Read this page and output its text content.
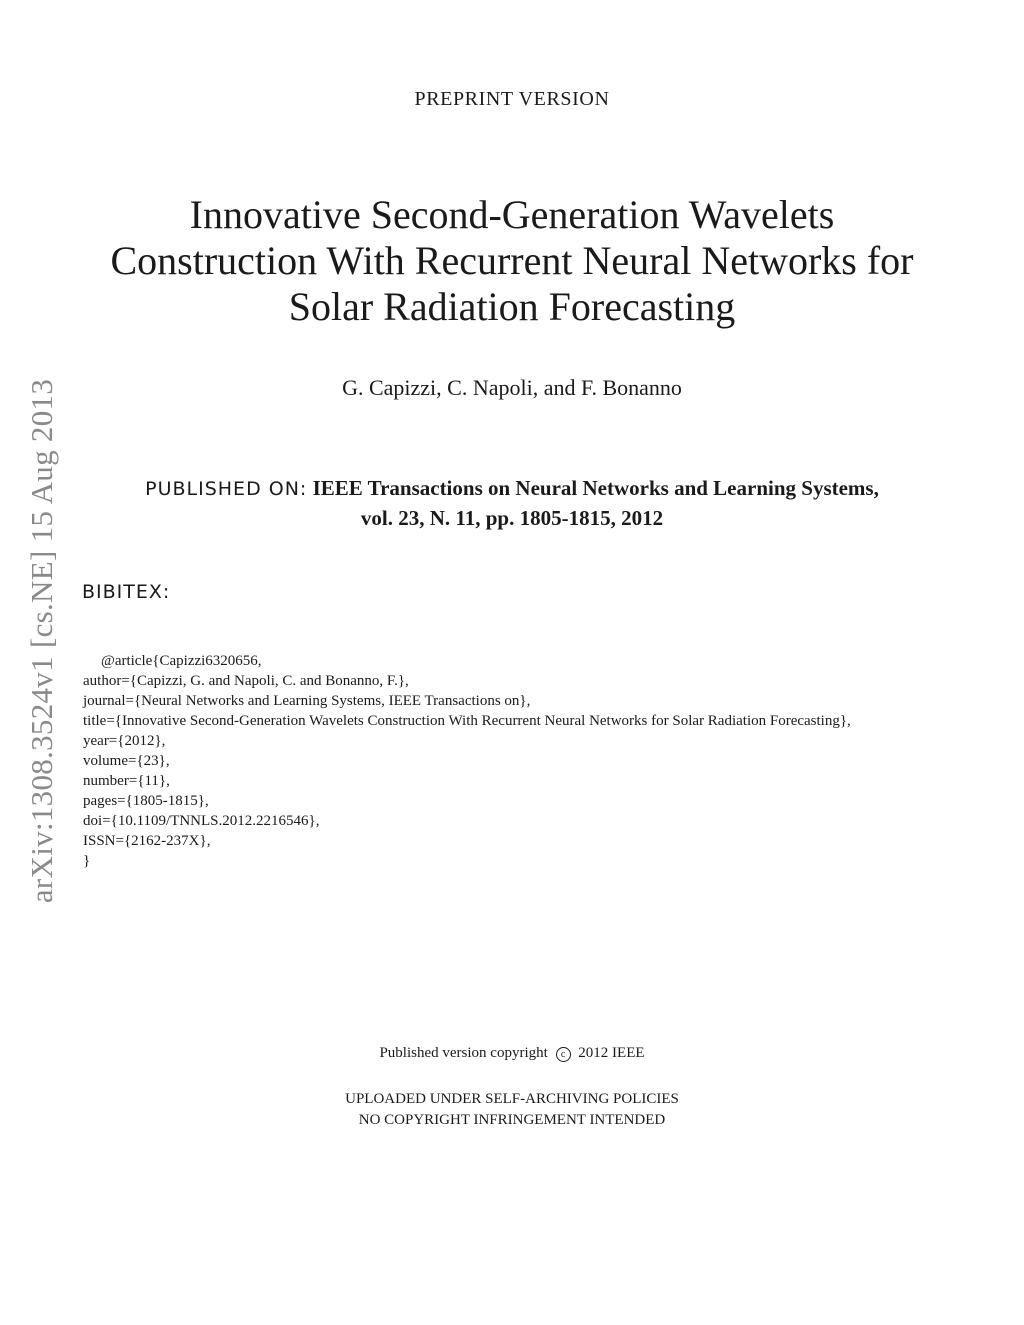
arXiv:1308.3524v1 [cs.NE] 15 Aug 2013
PREPRINT VERSION
Innovative Second-Generation Wavelets
Construction With Recurrent Neural Networks for
Solar Radiation Forecasting
G. Capizzi, C. Napoli, and F. Bonanno
PUBLISHED ON: IEEE Transactions on Neural Networks and Learning Systems,
vol. 23, N. 11, pp. 1805-1815, 2012
BIBITEX:
@article{Capizzi6320656,
author={Capizzi, G. and Napoli, C. and Bonanno, F.},
journal={Neural Networks and Learning Systems, IEEE Transactions on},
title={Innovative Second-Generation Wavelets Construction With Recurrent Neural Networks for Solar Radiation Forecasting},
year={2012},
volume={23},
number={11},
pages={1805-1815},
doi={10.1109/TNNLS.2012.2216546},
ISSN={2162-237X},
}
Published version copyright c 2012 IEEE
UPLOADED UNDER SELF-ARCHIVING POLICIES
NO COPYRIGHT INFRINGEMENT INTENDED
